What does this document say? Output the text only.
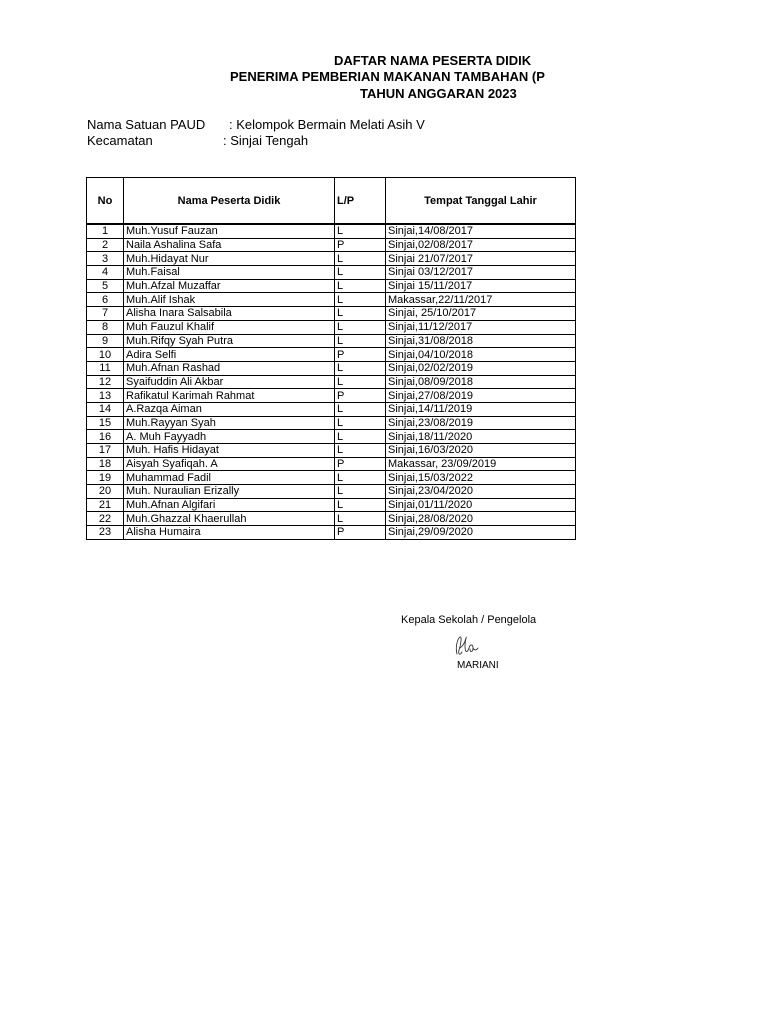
DAFTAR NAMA PESERTA DIDIK
PENERIMA PEMBERIAN MAKANAN TAMBAHAN (P
TAHUN ANGGARAN 2023
Nama Satuan PAUD : Kelompok Bermain Melati Asih V
Kecamatan	: Sinjai Tengah
No	Nama Peserta Didik	L/P	Tempat Tanggal Lahir
1	Muh.Yusuf Fauzan	L	Sinjai,14/08/2017
2	Naila Ashalina Safa	P	Sinjai,02/08/2017
3	Muh.Hidayat Nur	L	Sinjai 21/07/2017
4	Muh.Faisal	L	Sinjai 03/12/2017
5	Muh.Afzal Muzaffar	L	Sinjai 15/11/2017
6	Muh.Alif Ishak	L	Makassar,22/11/2017
7	Alisha Inara Salsabila	L	Sinjai, 25/10/2017
8	Muh Fauzul Khalif	L	Sinjai,11/12/2017
9	Muh.Rifqy Syah Putra	L	Sinjai,31/08/2018
10	Adira Selfi	P	Sinjai,04/10/2018
11	Muh.Afnan Rashad	L	Sinjai,02/02/2019
12	Syaifuddin Ali Akbar	L	Sinjai,08/09/2018
13	Rafikatul Karimah Rahmat	P	Sinjai,27/08/2019
14	A.Razqa Aiman	L	Sinjai,14/11/2019
15	Muh.Rayyan Syah	L	Sinjai,23/08/2019
16	A. Muh Fayyadh	L	Sinjai,18/11/2020
17	Muh. Hafis Hidayat	L	Sinjai,16/03/2020
18	Aisyah Syafiqah. A	P	Makassar, 23/09/2019
19	Muhammad Fadil	L	Sinjai,15/03/2022
20	Muh. Nuraulian Erizally	L	Sinjai,23/04/2020
21	Muh.Afnan Algifari	L	Sinjai,01/11/2020
22	Muh.Ghazzal Khaerullah	L	Sinjai,28/08/2020
23	Alisha Humaira	P	Sinjai,29/09/2020
Kepala Sekolah / Pengelola
MARIANI
